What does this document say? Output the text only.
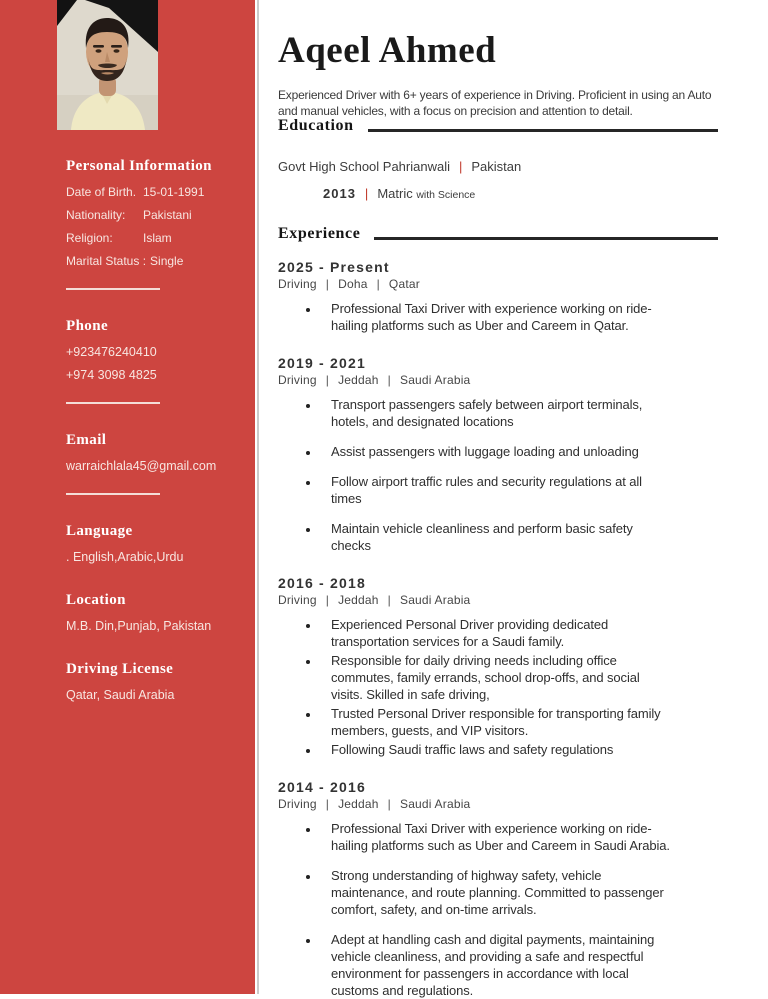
Personal Information
Date of Birth. 15-01-1991
Nationality:	Pakistani
Religion:	Islam
Marital Status : Single
Phone
+923476240410
+974 3098 4825
Email
warraichlala45@gmail.com
Language
. English,Arabic,Urdu
Location
M.B. Din,Punjab, Pakistan
Driving License
Qatar, Saudi Arabia
Aqeel Ahmed

Experienced Driver with 6+ years of experience in Driving. Proficient in using an Auto and manual vehicles, with a focus on precision and attention to detail.

Education
Govt High School Pahrianwali | Pakistan
2013 | Matric with Science
Experience
2025 - Present
Driving | Doha | Qatar
• Professional Taxi Driver with experience working on ride-hailing platforms such as Uber and Careem in Qatar.
2019 - 2021
Driving | Jeddah | Saudi Arabia
• Transport passengers safely between airport terminals, hotels, and designated locations
• Assist passengers with luggage loading and unloading
• Follow airport traffic rules and security regulations at all times
• Maintain vehicle cleanliness and perform basic safety checks
2016 - 2018
Driving | Jeddah | Saudi Arabia
• Experienced Personal Driver providing dedicated transportation services for a Saudi family.
• Responsible for daily driving needs including office commutes, family errands, school drop-offs, and social visits. Skilled in safe driving,
• Trusted Personal Driver responsible for transporting family members, guests, and VIP visitors.
• Following Saudi traffic laws and safety regulations
2014 - 2016
Driving | Jeddah | Saudi Arabia
• Professional Taxi Driver with experience working on ride-hailing platforms such as Uber and Careem in Saudi Arabia.
• Strong understanding of highway safety, vehicle maintenance, and route planning. Committed to passenger comfort, safety, and on-time arrivals.
• Adept at handling cash and digital payments, maintaining vehicle cleanliness, and providing a safe and respectful environment for passengers in accordance with local customs and regulations.
